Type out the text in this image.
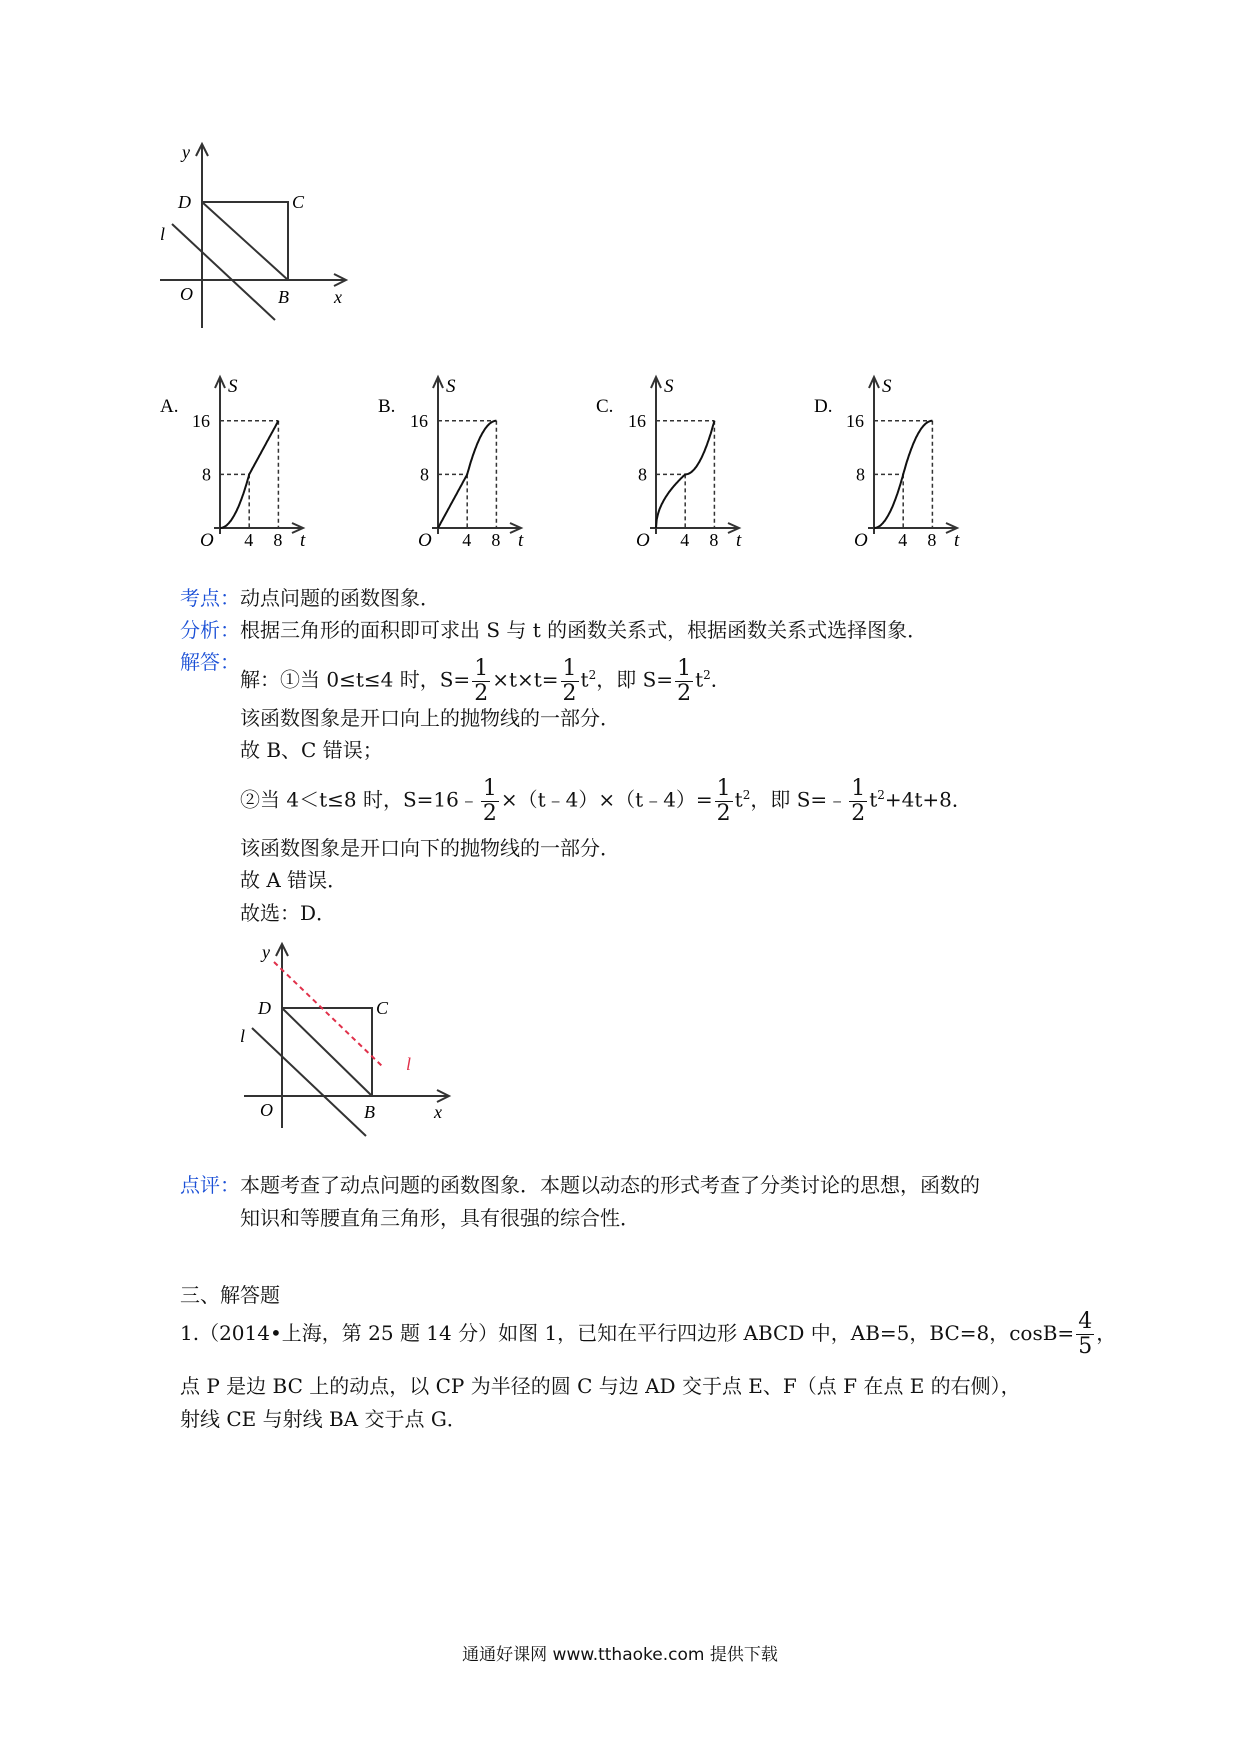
y
D	C
l
O	B	x
A.
S
16
8
O 4 8 t
B.
S
16
8
O 4 8 t
C.
S
16
8
O 4 8 t
D.
S
16
8
O 4 8 t
考点：动点问题的函数图象．
分析：根据三角形的面积即可求出 S 与 t 的函数关系式，根据函数关系式选择图象．
解答：
解：①当 0≤t≤4 时，$S= \frac{1}{2} \times t\times t= \frac{1}{2} t^2$，即 $S= \frac{1}{2} t^2$．
该函数图象是开口向上的抛物线的一部分．
故 B、C 错误；
②当 4＜t≤8 时，S=16﹣ $\frac{1}{2}$ ×（t﹣4）×（t﹣4）= $\frac{1}{2} t^2$，即 S=﹣ $\frac{1}{2} t^2+4t+8$．
该函数图象是开口向下的抛物线的一部分．
故 A 错误．
故选：D．
y
D	C
l
l
O	B	x
点评：本题考查了动点问题的函数图象．本题以动态的形式考查了分类讨论的思想，函数的
知识和等腰直角三角形，具有很强的综合性．
三、解答题
1.（2014•上海，第 25 题 14 分）如图 1，已知在平行四边形 ABCD 中，AB=5，BC=8，$\cos B= \frac{4}{5}$ ，
点 P 是边 BC 上的动点，以 CP 为半径的圆 C 与边 AD 交于点 E、F（点 F 在点 E 的右侧），
射线 CE 与射线 BA 交于点 G．
通通好课网 www.tthaoke.com 提供下载
